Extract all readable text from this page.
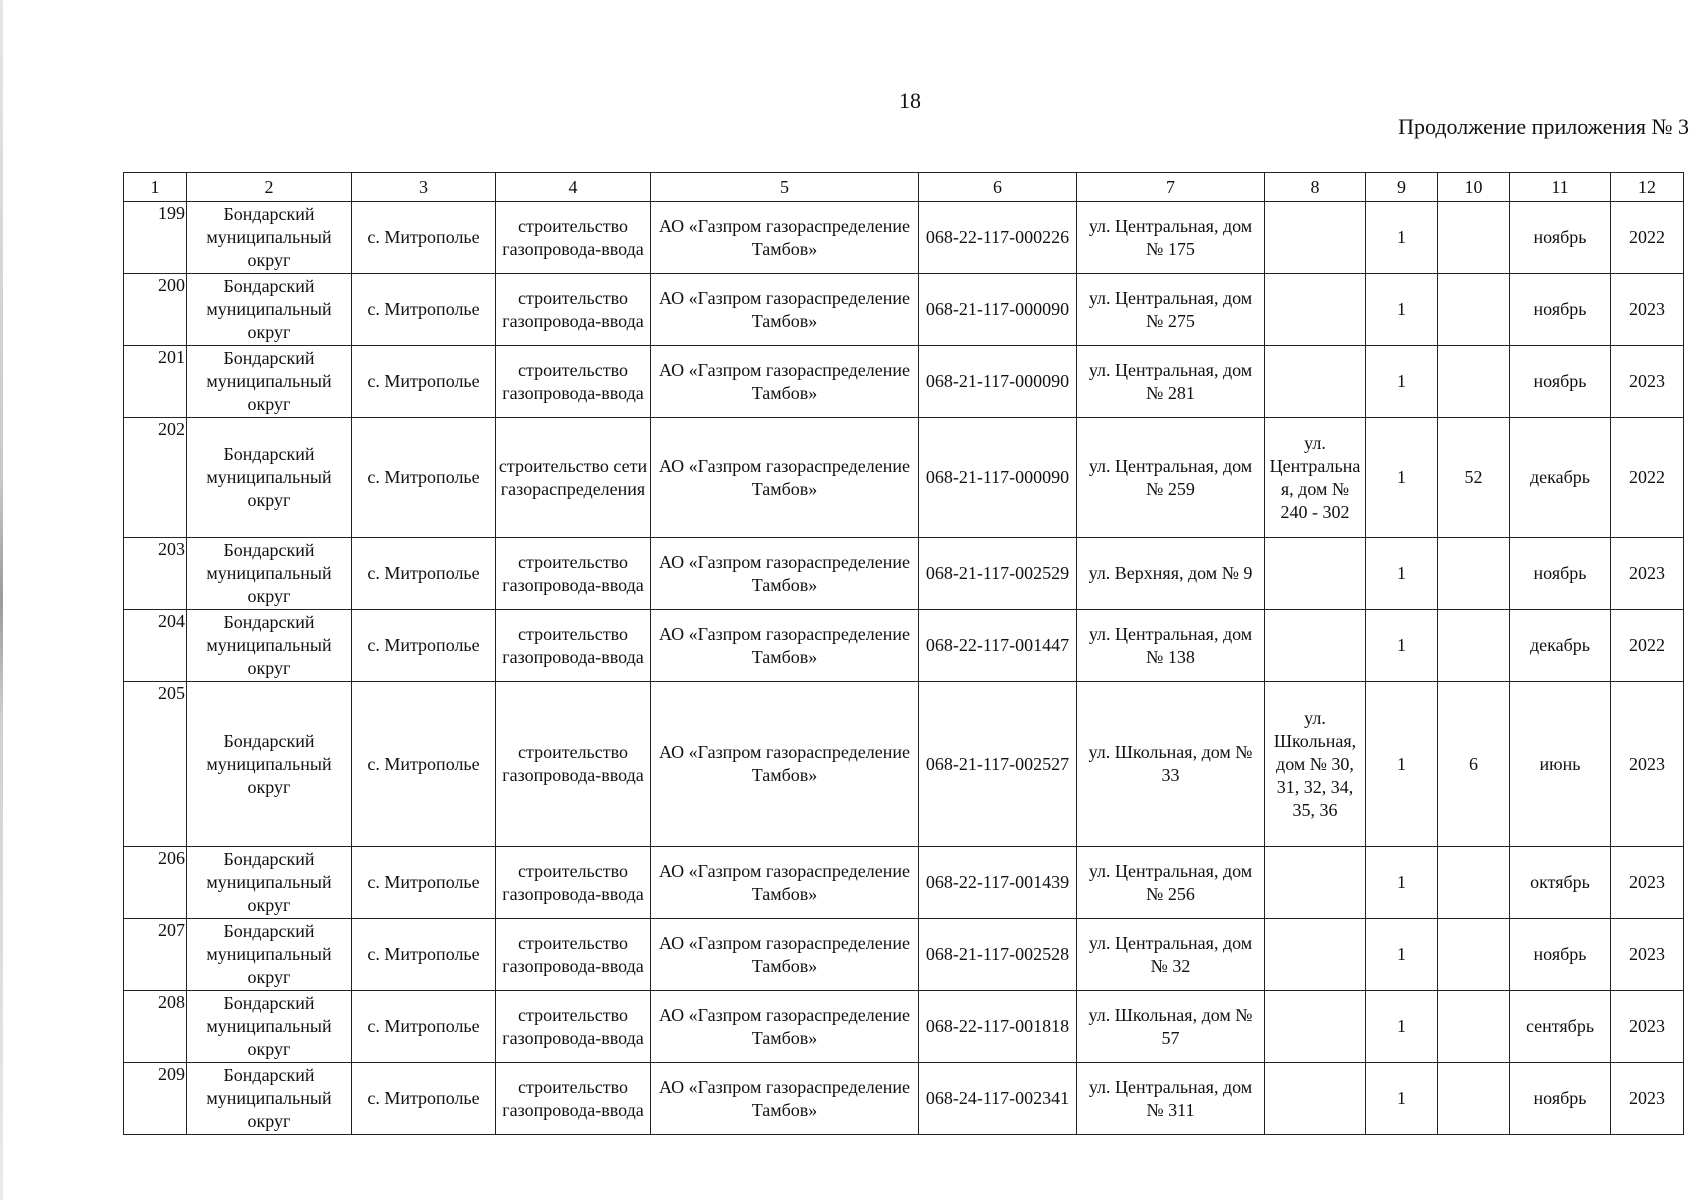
18
Продолжение приложения № 3
1	2	3	4	5	6	7	8	9	10	11	12
199	Бондарский муниципальный округ	с. Митрополье	строительство газопровода-ввода	АО «Газпром газораспределение Тамбов»	068-22-117-000226	ул. Центральная, дом № 175		1		ноябрь	2022
200	Бондарский муниципальный округ	с. Митрополье	строительство газопровода-ввода	АО «Газпром газораспределение Тамбов»	068-21-117-000090	ул. Центральная, дом № 275		1		ноябрь	2023
201	Бондарский муниципальный округ	с. Митрополье	строительство газопровода-ввода	АО «Газпром газораспределение Тамбов»	068-21-117-000090	ул. Центральная, дом № 281		1		ноябрь	2023
202	Бондарский муниципальный округ	с. Митрополье	строительство сети газораспределения	АО «Газпром газораспределение Тамбов»	068-21-117-000090	ул. Центральная, дом № 259	ул. Центральная, дом № 240 - 302	1	52	декабрь	2022
203	Бондарский муниципальный округ	с. Митрополье	строительство газопровода-ввода	АО «Газпром газораспределение Тамбов»	068-21-117-002529	ул. Верхняя, дом № 9		1		ноябрь	2023
204	Бондарский муниципальный округ	с. Митрополье	строительство газопровода-ввода	АО «Газпром газораспределение Тамбов»	068-22-117-001447	ул. Центральная, дом № 138		1		декабрь	2022
205	Бондарский муниципальный округ	с. Митрополье	строительство газопровода-ввода	АО «Газпром газораспределение Тамбов»	068-21-117-002527	ул. Школьная, дом № 33	ул. Школьная, дом № 30, 31, 32, 34, 35, 36	1	6	июнь	2023
206	Бондарский муниципальный округ	с. Митрополье	строительство газопровода-ввода	АО «Газпром газораспределение Тамбов»	068-22-117-001439	ул. Центральная, дом № 256		1		октябрь	2023
207	Бондарский муниципальный округ	с. Митрополье	строительство газопровода-ввода	АО «Газпром газораспределение Тамбов»	068-21-117-002528	ул. Центральная, дом № 32		1		ноябрь	2023
208	Бондарский муниципальный округ	с. Митрополье	строительство газопровода-ввода	АО «Газпром газораспределение Тамбов»	068-22-117-001818	ул. Школьная, дом № 57		1		сентябрь	2023
209	Бондарский муниципальный округ	с. Митрополье	строительство газопровода-ввода	АО «Газпром газораспределение Тамбов»	068-24-117-002341	ул. Центральная, дом № 311		1		ноябрь	2023
